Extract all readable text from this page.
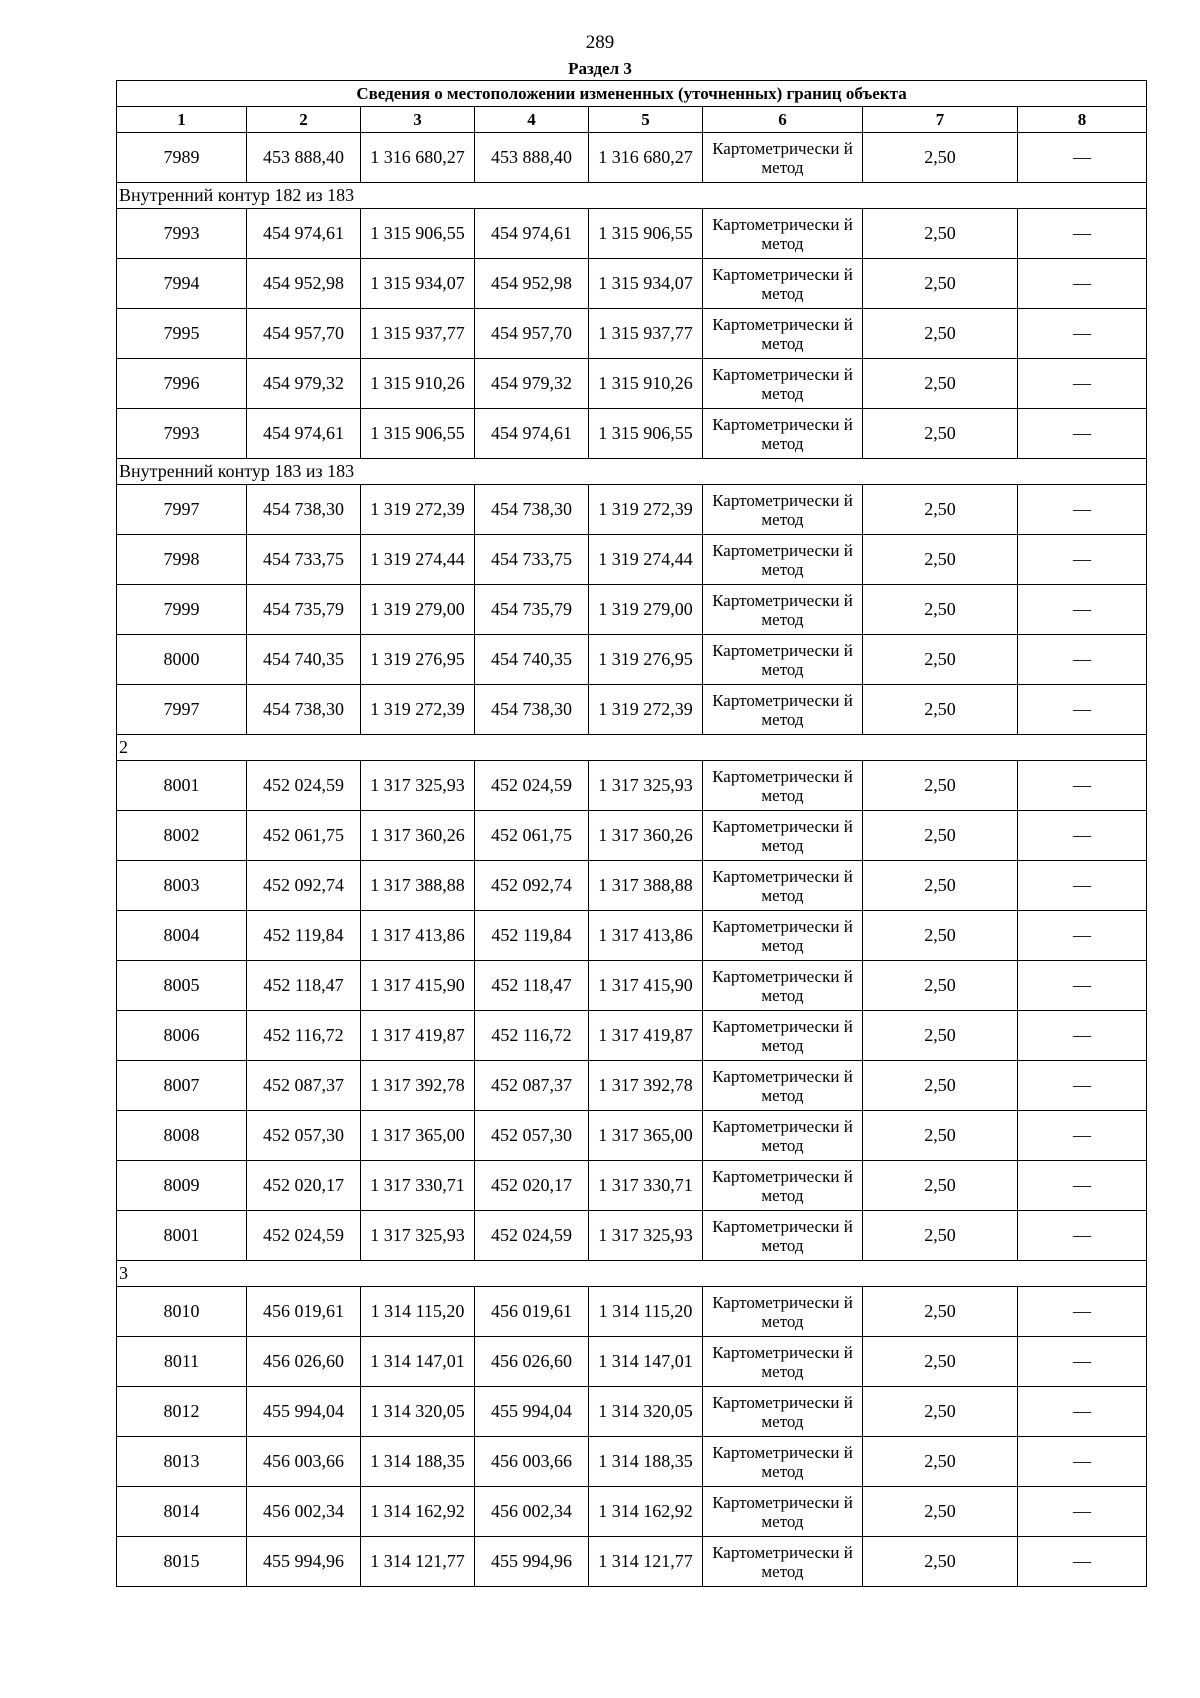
289
Раздел 3
Сведения о местоположении измененных (уточненных) границ объекта							
1	2	3	4	5	6	7	8
7989	453 888,40	1 316 680,27	453 888,40	1 316 680,27	Картометрически й метод	2,50	—
Внутренний контур 182 из 183							
7993	454 974,61	1 315 906,55	454 974,61	1 315 906,55	Картометрически й метод	2,50	—
7994	454 952,98	1 315 934,07	454 952,98	1 315 934,07	Картометрически й метод	2,50	—
7995	454 957,70	1 315 937,77	454 957,70	1 315 937,77	Картометрически й метод	2,50	—
7996	454 979,32	1 315 910,26	454 979,32	1 315 910,26	Картометрически й метод	2,50	—
7993	454 974,61	1 315 906,55	454 974,61	1 315 906,55	Картометрически й метод	2,50	—
Внутренний контур 183 из 183							
7997	454 738,30	1 319 272,39	454 738,30	1 319 272,39	Картометрически й метод	2,50	—
7998	454 733,75	1 319 274,44	454 733,75	1 319 274,44	Картометрически й метод	2,50	—
7999	454 735,79	1 319 279,00	454 735,79	1 319 279,00	Картометрически й метод	2,50	—
8000	454 740,35	1 319 276,95	454 740,35	1 319 276,95	Картометрически й метод	2,50	—
7997	454 738,30	1 319 272,39	454 738,30	1 319 272,39	Картометрически й метод	2,50	—
2							
8001	452 024,59	1 317 325,93	452 024,59	1 317 325,93	Картометрически й метод	2,50	—
8002	452 061,75	1 317 360,26	452 061,75	1 317 360,26	Картометрически й метод	2,50	—
8003	452 092,74	1 317 388,88	452 092,74	1 317 388,88	Картометрически й метод	2,50	—
8004	452 119,84	1 317 413,86	452 119,84	1 317 413,86	Картометрически й метод	2,50	—
8005	452 118,47	1 317 415,90	452 118,47	1 317 415,90	Картометрически й метод	2,50	—
8006	452 116,72	1 317 419,87	452 116,72	1 317 419,87	Картометрически й метод	2,50	—
8007	452 087,37	1 317 392,78	452 087,37	1 317 392,78	Картометрически й метод	2,50	—
8008	452 057,30	1 317 365,00	452 057,30	1 317 365,00	Картометрически й метод	2,50	—
8009	452 020,17	1 317 330,71	452 020,17	1 317 330,71	Картометрически й метод	2,50	—
8001	452 024,59	1 317 325,93	452 024,59	1 317 325,93	Картометрически й метод	2,50	—
3							
8010	456 019,61	1 314 115,20	456 019,61	1 314 115,20	Картометрически й метод	2,50	—
8011	456 026,60	1 314 147,01	456 026,60	1 314 147,01	Картометрически й метод	2,50	—
8012	455 994,04	1 314 320,05	455 994,04	1 314 320,05	Картометрически й метод	2,50	—
8013	456 003,66	1 314 188,35	456 003,66	1 314 188,35	Картометрически й метод	2,50	—
8014	456 002,34	1 314 162,92	456 002,34	1 314 162,92	Картометрически й метод	2,50	—
8015	455 994,96	1 314 121,77	455 994,96	1 314 121,77	Картометрически й метод	2,50	—
